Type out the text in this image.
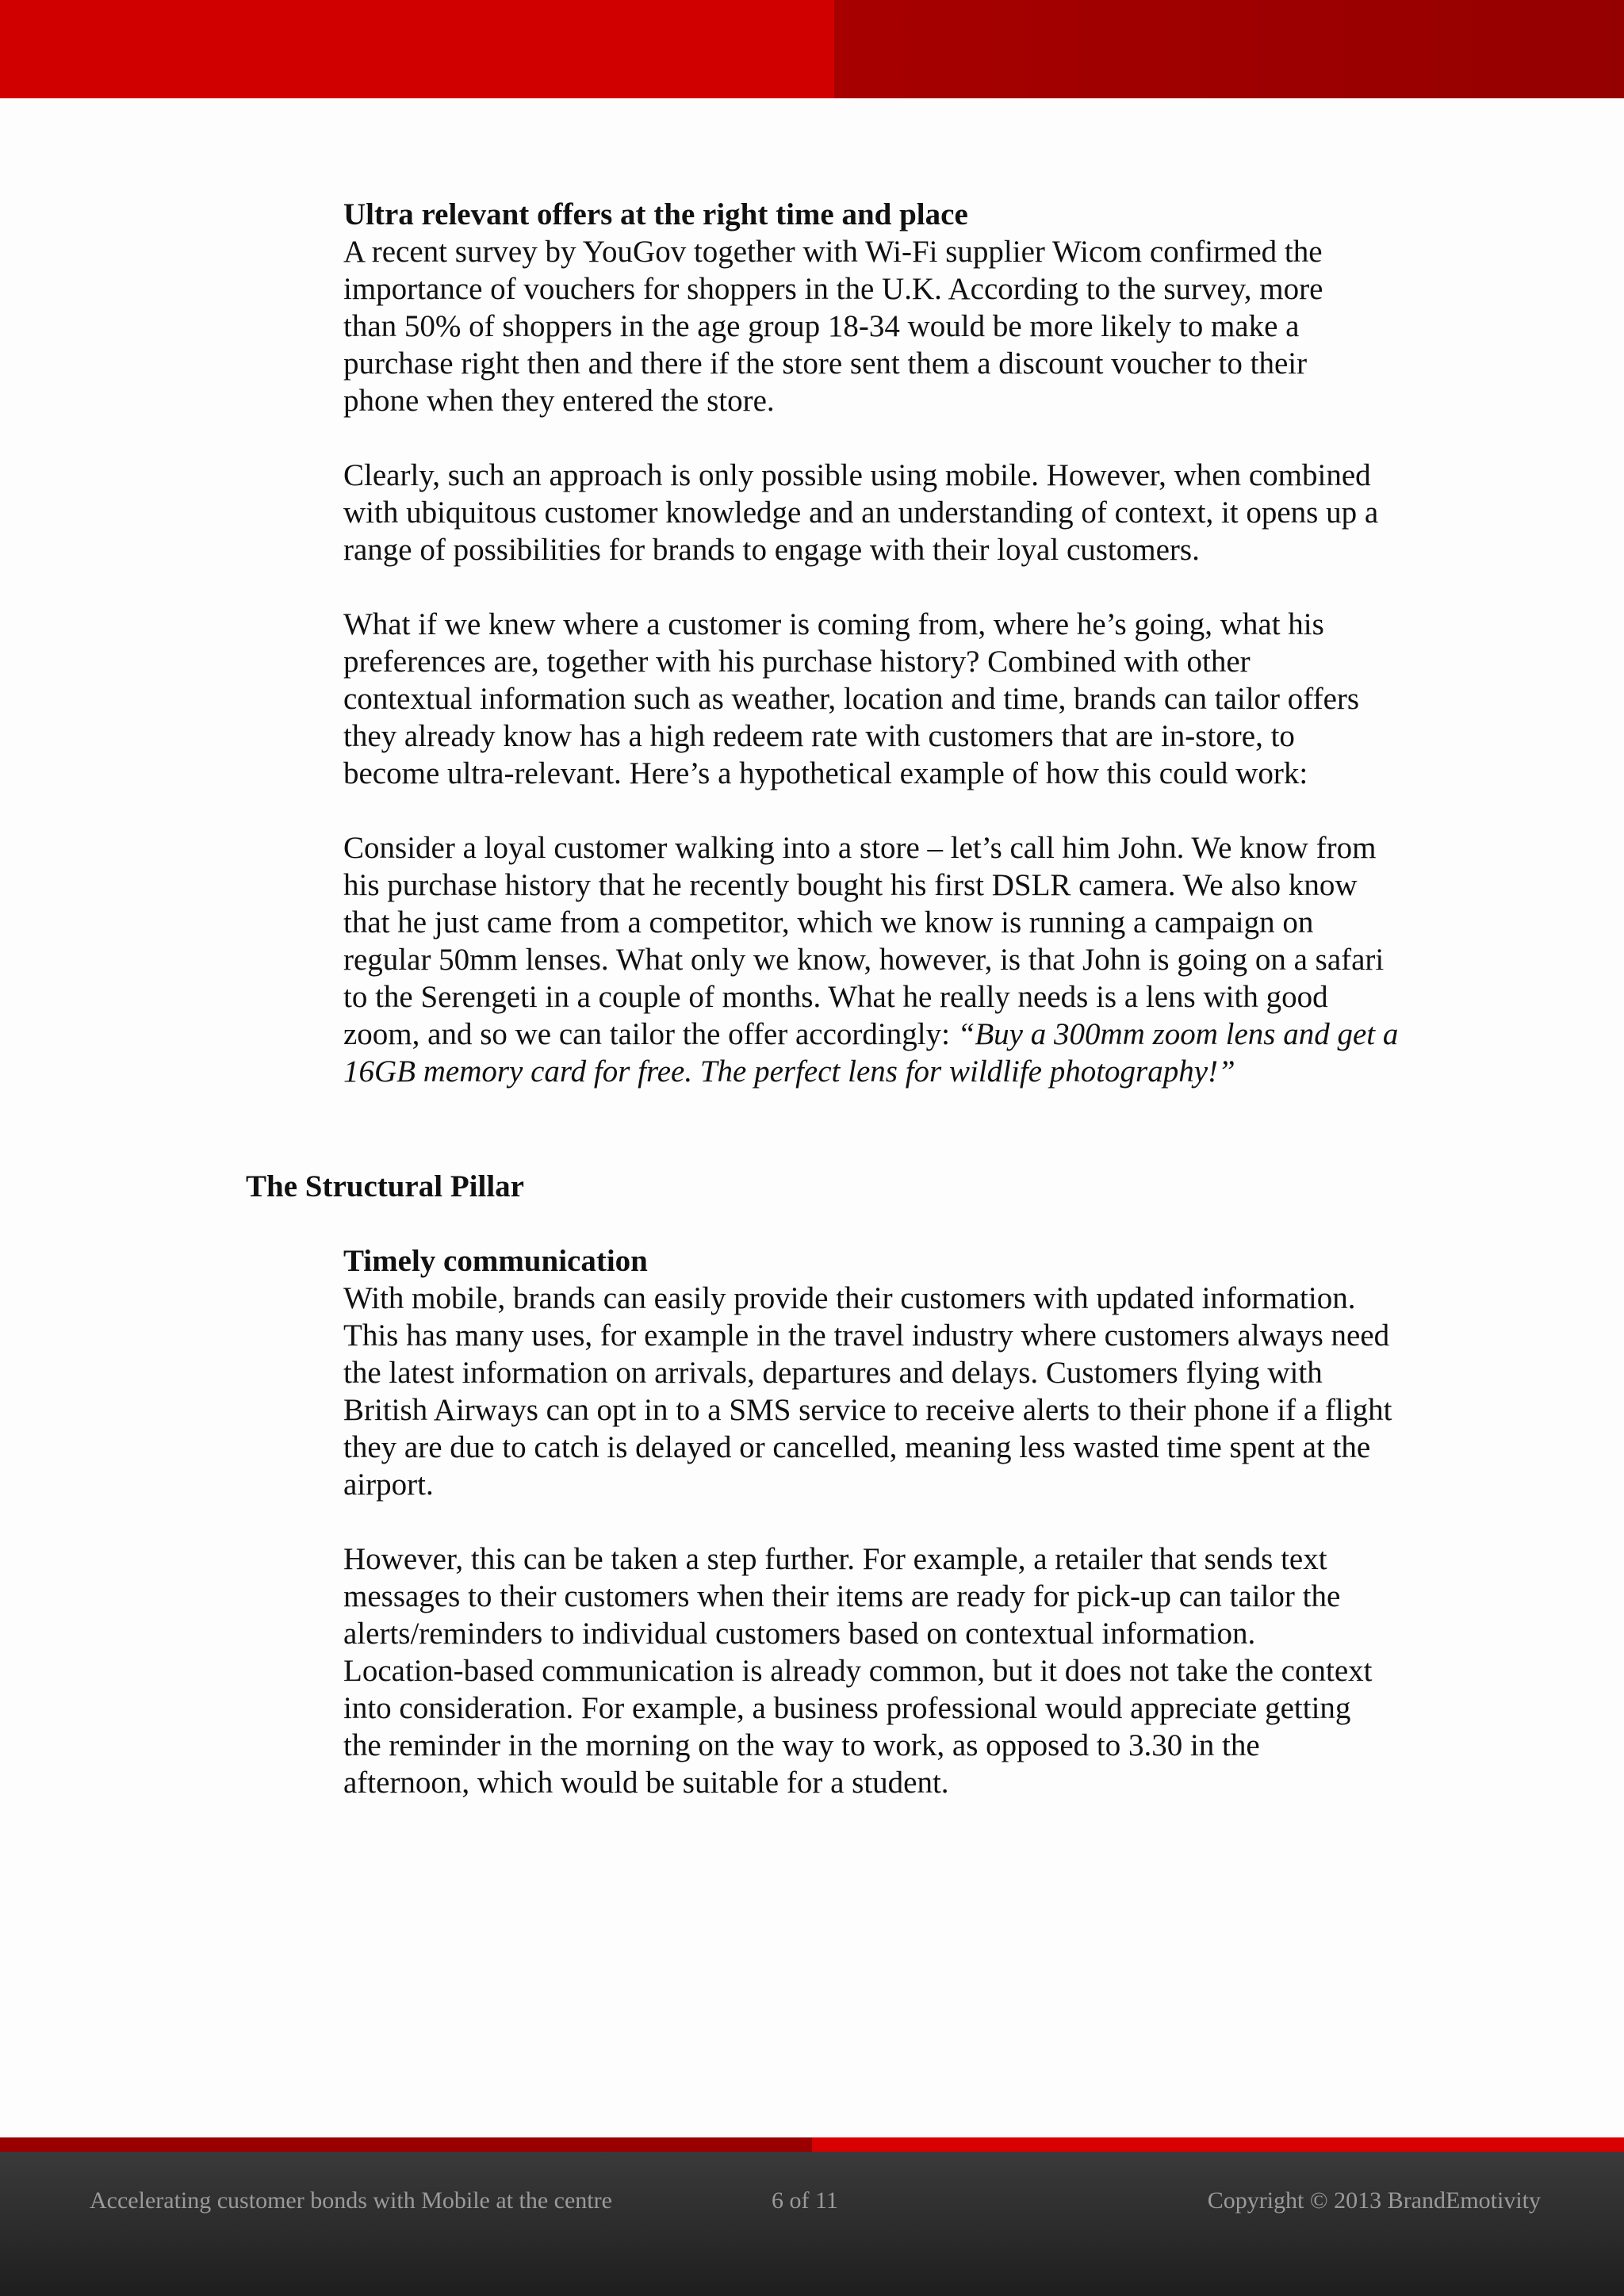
Ultra relevant offers at the right time and place

A recent survey by YouGov together with Wi-Fi supplier Wicom confirmed the
importance of vouchers for shoppers in the U.K. According to the survey, more
than 50% of shoppers in the age group 18-34 would be more likely to make a
purchase right then and there if the store sent them a discount voucher to their
phone when they entered the store.

Clearly, such an approach is only possible using mobile. However, when combined
with ubiquitous customer knowledge and an understanding of context, it opens up a
range of possibilities for brands to engage with their loyal customers.

What if we knew where a customer is coming from, where he’s going, what his
preferences are, together with his purchase history? Combined with other
contextual information such as weather, location and time, brands can tailor offers
they already know has a high redeem rate with customers that are in-store, to
become ultra-relevant. Here’s a hypothetical example of how this could work:

Consider a loyal customer walking into a store – let’s call him John. We know from
his purchase history that he recently bought his first DSLR camera. We also know
that he just came from a competitor, which we know is running a campaign on
regular 50mm lenses. What only we know, however, is that John is going on a safari
to the Serengeti in a couple of months. What he really needs is a lens with good
zoom, and so we can tailor the offer accordingly: “Buy a 300mm zoom lens and get a
16GB memory card for free. The perfect lens for wildlife photography!”

The Structural Pillar
Timely communication

With mobile, brands can easily provide their customers with updated information.
This has many uses, for example in the travel industry where customers always need
the latest information on arrivals, departures and delays. Customers flying with
British Airways can opt in to a SMS service to receive alerts to their phone if a flight
they are due to catch is delayed or cancelled, meaning less wasted time spent at the
airport.

However, this can be taken a step further. For example, a retailer that sends text
messages to their customers when their items are ready for pick-up can tailor the
alerts/reminders to individual customers based on contextual information.
Location-based communication is already common, but it does not take the context
into consideration. For example, a business professional would appreciate getting
the reminder in the morning on the way to work, as opposed to 3.30 in the
afternoon, which would be suitable for a student.

Accelerating customer bonds with Mobile at the centre	6 of 11	Copyright © 2013 BrandEmotivity
